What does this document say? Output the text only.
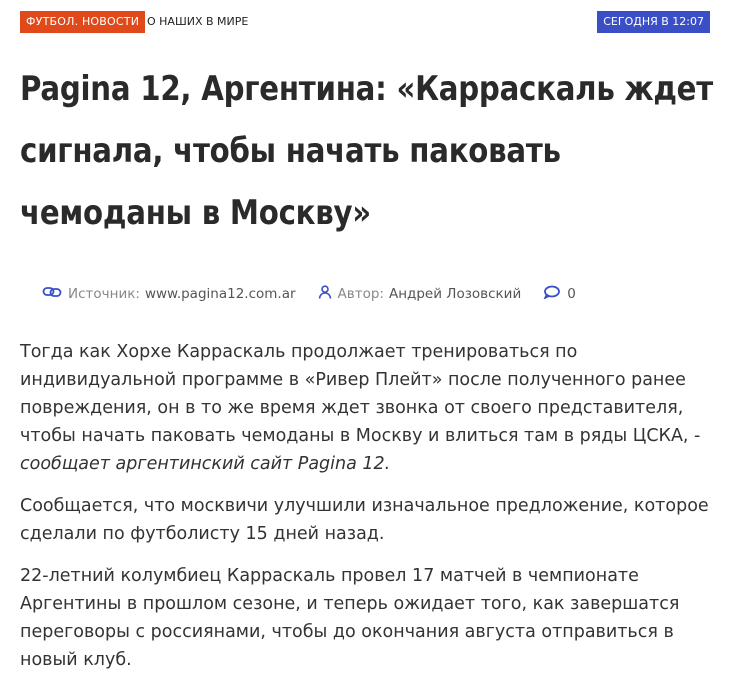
ФУТБОЛ. НОВОСТИ О НАШИХ В МИРЕ	СЕГОДНЯ В 12:07
Pagina 12, Аргентина: «Карраскаль ждет сигнала, чтобы начать паковать чемоданы в Москву»
Источник: www.pagina12.com.ar	Автор: Андрей Лозовский	0

Тогда как Хорхе Карраскаль продолжает тренироваться по индивидуальной программе в «Ривер Плейт» после полученного ранее повреждения, он в то же время ждет звонка от своего представителя, чтобы начать паковать чемоданы в Москву и влиться там в ряды ЦСКА, - сообщает аргентинский сайт Pagina 12.

Сообщается, что москвичи улучшили изначальное предложение, которое сделали по футболисту 15 дней назад.

22-летний колумбиец Карраскаль провел 17 матчей в чемпионате Аргентины в прошлом сезоне, и теперь ожидает того, как завершатся переговоры с россиянами, чтобы до окончания августа отправиться в новый клуб.
